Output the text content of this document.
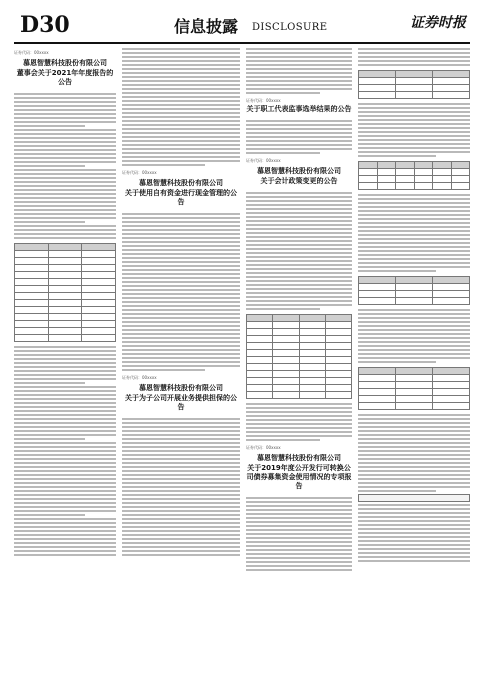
D30	信息披露 DISCLOSURE	证券时报
证券代码：00xxxx
慕恩智慧科技股份有限公司
董事会关于2021年年度报告的公告

证券代码：00xxxx
慕恩智慧科技股份有限公司
关于使用自有资金进行现金管理的公告
证券代码：00xxxx
慕恩智慧科技股份有限公司
关于为子公司开展业务提供担保的公告
证券代码：00xxxx
关于职工代表监事选举结果的公告
证券代码：00xxxx
慕恩智慧科技股份有限公司
关于会计政策变更的公告

证券代码：00xxxx
慕恩智慧科技股份有限公司
关于2019年度公开发行可转换公司债券募集资金使用情况的专项报告
